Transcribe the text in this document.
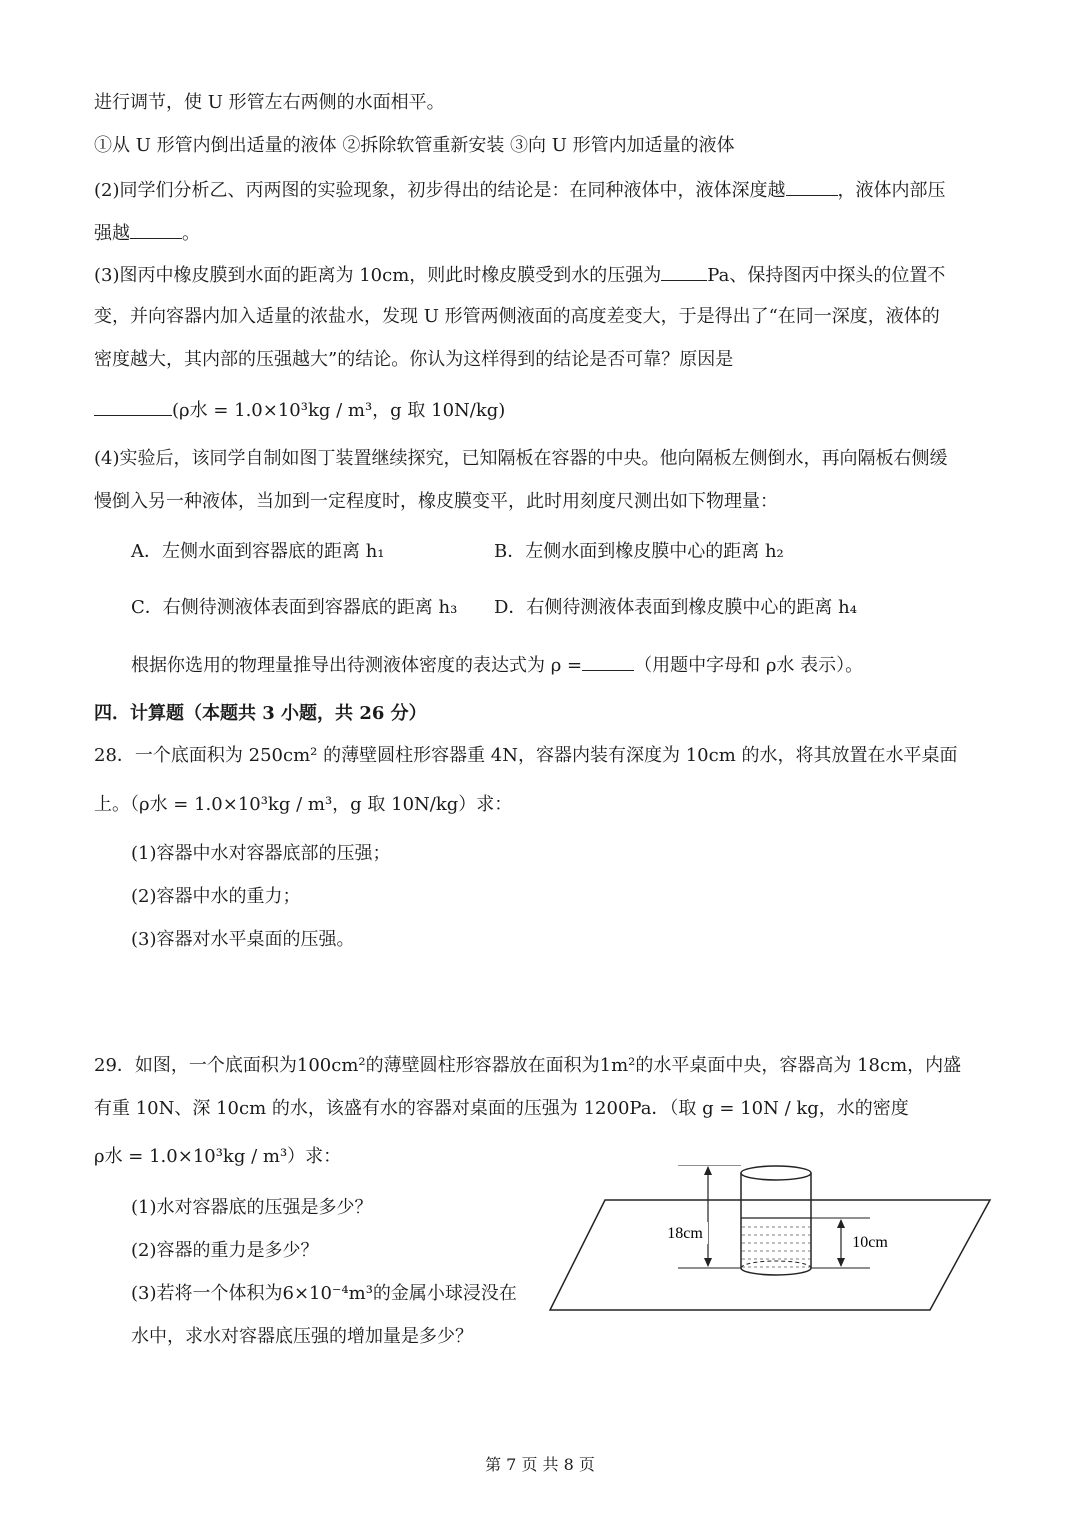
进行调节，使 U 形管左右两侧的水面相平。
①从 U 形管内倒出适量的液体 ②拆除软管重新安装 ③向 U 形管内加适量的液体
(2)同学们分析乙、丙两图的实验现象，初步得出的结论是：在同种液体中，液体深度越	，液体内部压
强越	。
(3)图丙中橡皮膜到水面的距离为 10cm，则此时橡皮膜受到水的压强为	Pa、保持图丙中探头的位置不
变，并向容器内加入适量的浓盐水，发现 U 形管两侧液面的高度差变大，于是得出了“在同一深度，液体的
密度越大，其内部的压强越大”的结论。你认为这样得到的结论是否可靠？原因是
(ρ水 = 1.0×10³kg / m³，g 取 10N/kg)
(4)实验后，该同学自制如图丁装置继续探究，已知隔板在容器的中央。他向隔板左侧倒水，再向隔板右侧缓
慢倒入另一种液体，当加到一定程度时，橡皮膜变平，此时用刻度尺测出如下物理量：
A．左侧水面到容器底的距离 h₁	B．左侧水面到橡皮膜中心的距离 h₂
C．右侧待测液体表面到容器底的距离 h₃ D．右侧待测液体表面到橡皮膜中心的距离 h₄
根据你选用的物理量推导出待测液体密度的表达式为 ρ =	（用题中字母和 ρ水 表示）。
四．计算题（本题共 3 小题，共 26 分）
28．一个底面积为 250cm² 的薄壁圆柱形容器重 4N，容器内装有深度为 10cm 的水，将其放置在水平桌面
上。（ρ水 = 1.0×10³kg / m³，g 取 10N/kg）求：
(1)容器中水对容器底部的压强；
(2)容器中水的重力；
(3)容器对水平桌面的压强。
29．如图，一个底面积为100cm²的薄壁圆柱形容器放在面积为1m²的水平桌面中央，容器高为 18cm，内盛
有重 10N、深 10cm 的水，该盛有水的容器对桌面的压强为 1200Pa．（取 g = 10N / kg，水的密度
ρ水 = 1.0×10³kg / m³）求：
(1)水对容器底的压强是多少？
(2)容器的重力是多少？
(3)若将一个体积为6×10⁻⁴m³的金属小球浸没在
水中，求水对容器底压强的增加量是多少？
18cm
10cm
第 7 页 共 8 页
